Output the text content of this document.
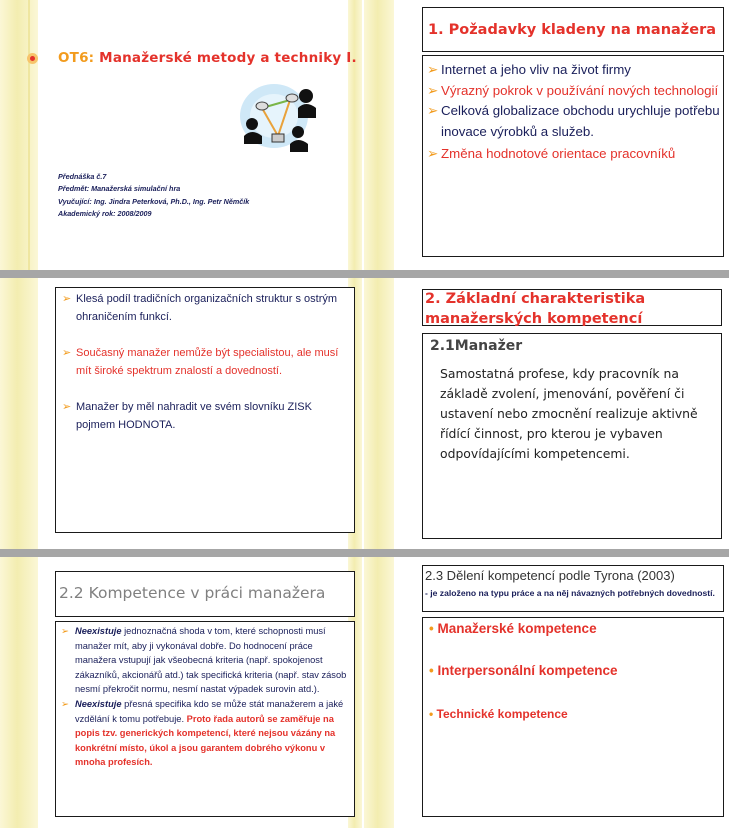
OT6: Manažerské metody a techniky I.
Přednáška č.7
Předmět: Manažerská simulační hra
Vyučující: Ing. Jindra Peterková, Ph.D., Ing. Petr Němčík
Akademický rok: 2008/2009
1. Požadavky kladeny na manažera
➢ Internet a jeho vliv na život firmy
➢ Výrazný pokrok v používání nových technologií
➢ Celková globalizace obchodu urychluje potřebu inovace výrobků a služeb.
➢ Změna hodnotové orientace pracovníků
➢ Klesá podíl tradičních organizačních struktur s ostrým ohraničením funkcí.
➢ Současný manažer nemůže být specialistou, ale musí mít široké spektrum znalostí a dovedností.
➢ Manažer by měl nahradit ve svém slovníku ZISK pojmem HODNOTA.
2. Základní charakteristika manažerských kompetencí
2.1Manažer
Samostatná profese, kdy pracovník na základě zvolení, jmenování, pověření či ustavení nebo zmocnění realizuje aktivně řídící činnost, pro kterou je vybaven odpovídajícími kompetencemi.
2.2 Kompetence v práci manažera
➢ Neexistuje jednoznačná shoda v tom, které schopnosti musí manažer mít, aby ji vykonával dobře. Do hodnocení práce manažera vstupují jak všeobecná kriteria (např. spokojenost zákazníků, akcionářů atd.) tak specifická kriteria (např. stav zásob nesmí překročit normu, nesmí nastat výpadek surovin atd.).
➢ Neexistuje přesná specifika kdo se může stát manažerem a jaké vzdělání k tomu potřebuje. Proto řada autorů se zaměřuje na popis tzv. generických kompetencí, které nejsou vázány na konkrétní místo, úkol a jsou garantem dobrého výkonu v mnoha profesích.
2.3 Dělení kompetencí podle Tyrona (2003)
- je založeno na typu práce a na něj návazných potřebných dovedností.
• Manažerské kompetence
• Interpersonální kompetence
• Technické kompetence
